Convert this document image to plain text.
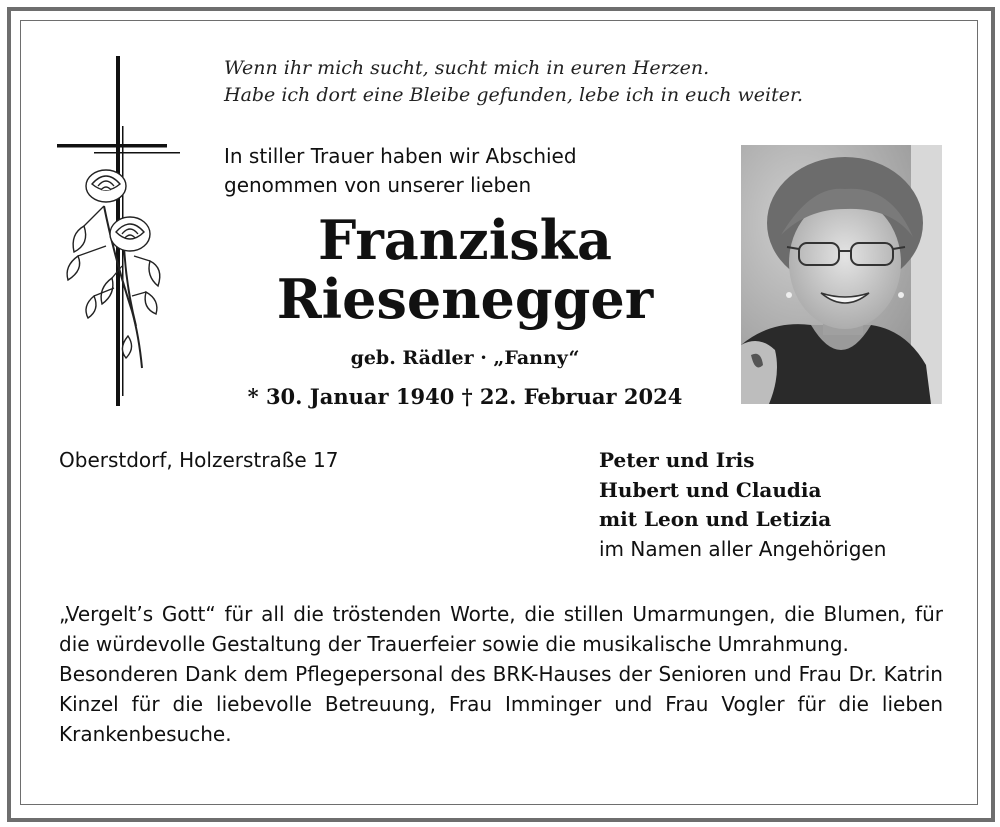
Wenn ihr mich sucht, sucht mich in euren Herzen.
Habe ich dort eine Bleibe gefunden, lebe ich in euch weiter.
In stiller Trauer haben wir Abschied
genommen von unserer lieben
Franziska
Riesenegger
geb. Rädler · „Fanny“
* 30. Januar 1940 † 22. Februar 2024
Oberstdorf, Holzerstraße 17	Peter und Iris
Hubert und Claudia
mit Leon und Letizia
im Namen aller Angehörigen

„Vergelt’s Gott“ für all die tröstenden Worte, die stillen Umarmungen, die Blumen, für die würdevolle Gestaltung der Trauerfeier sowie die musikalische Umrahmung.

Besonderen Dank dem Pflegepersonal des BRK-Hauses der Senioren und Frau Dr. Katrin Kinzel für die liebevolle Betreuung, Frau Imminger und Frau Vogler für die lieben Krankenbesuche.
